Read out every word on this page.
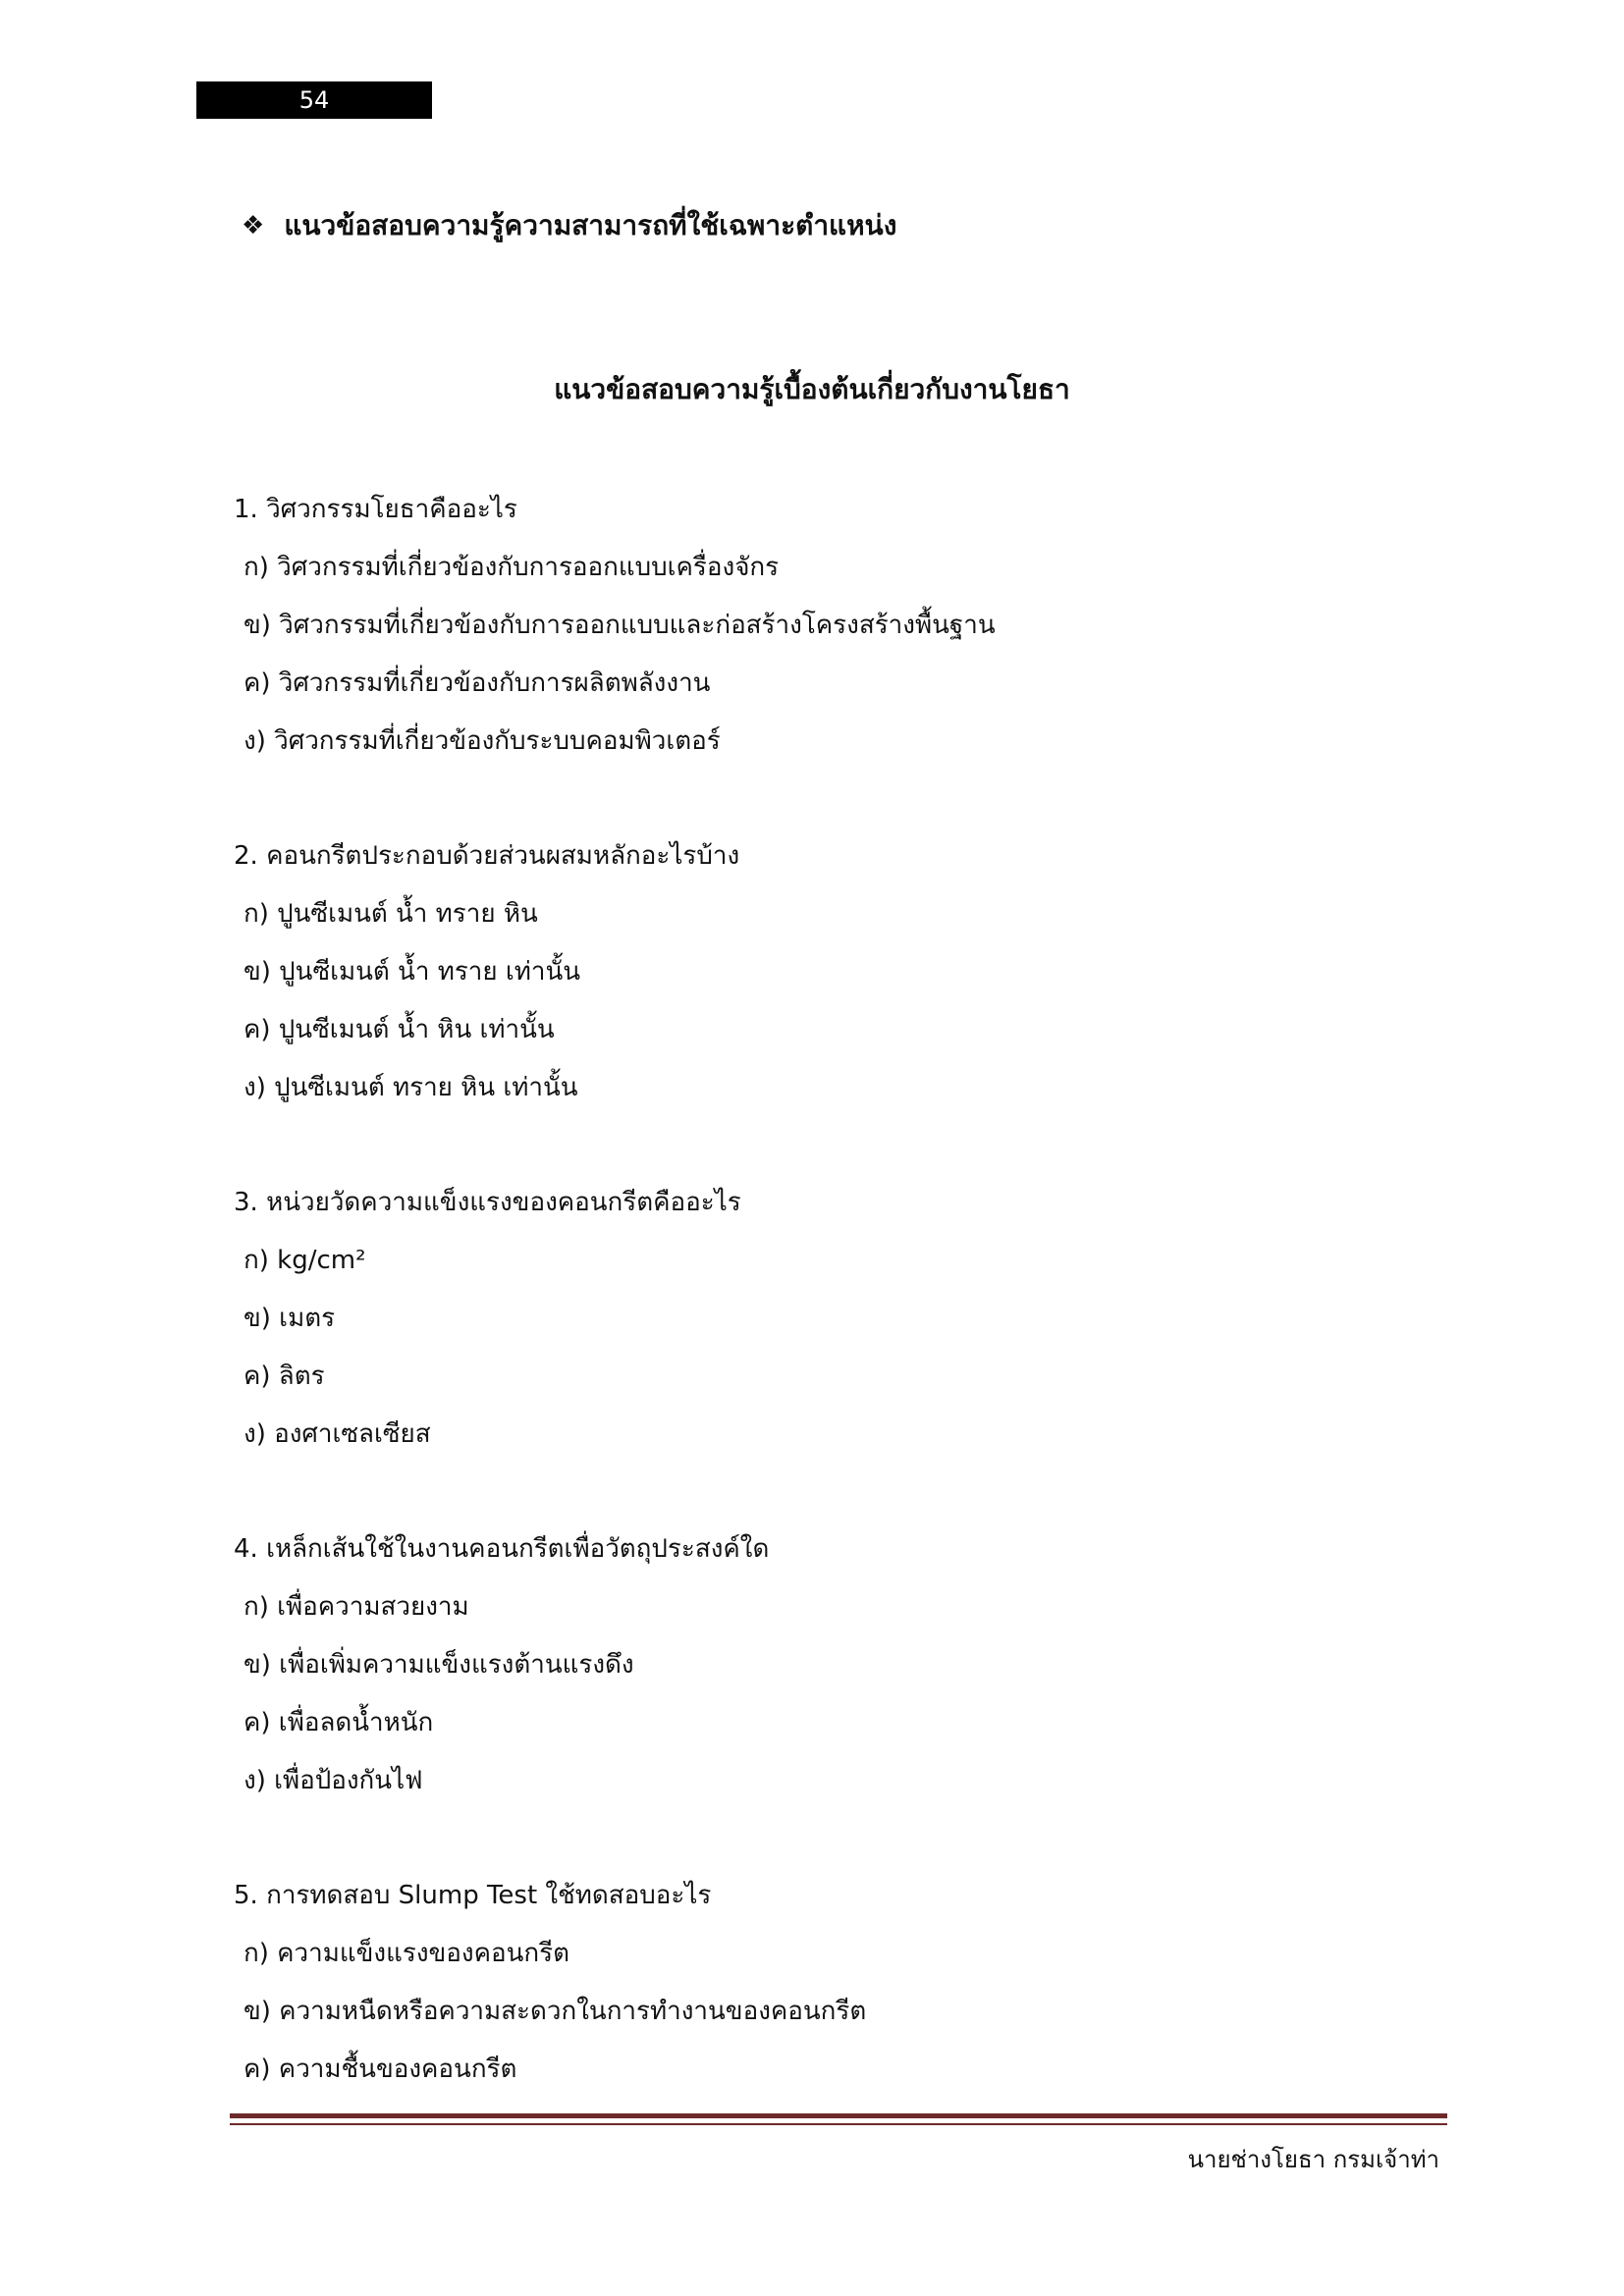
54
❖ แนวข้อสอบความรู้ความสามารถที่ใช้เฉพาะตำแหน่ง
แนวข้อสอบความรู้เบื้องต้นเกี่ยวกับงานโยธา
1. วิศวกรรมโยธาคืออะไร
ก) วิศวกรรมที่เกี่ยวข้องกับการออกแบบเครื่องจักร
ข) วิศวกรรมที่เกี่ยวข้องกับการออกแบบและก่อสร้างโครงสร้างพื้นฐาน
ค) วิศวกรรมที่เกี่ยวข้องกับการผลิตพลังงาน
ง) วิศวกรรมที่เกี่ยวข้องกับระบบคอมพิวเตอร์
2. คอนกรีตประกอบด้วยส่วนผสมหลักอะไรบ้าง
ก) ปูนซีเมนต์ น้ำ ทราย หิน
ข) ปูนซีเมนต์ น้ำ ทราย เท่านั้น
ค) ปูนซีเมนต์ น้ำ หิน เท่านั้น
ง) ปูนซีเมนต์ ทราย หิน เท่านั้น
3. หน่วยวัดความแข็งแรงของคอนกรีตคืออะไร
ก) kg/cm²
ข) เมตร
ค) ลิตร
ง) องศาเซลเซียส
4. เหล็กเส้นใช้ในงานคอนกรีตเพื่อวัตถุประสงค์ใด
ก) เพื่อความสวยงาม
ข) เพื่อเพิ่มความแข็งแรงต้านแรงดึง
ค) เพื่อลดน้ำหนัก
ง) เพื่อป้องกันไฟ
5. การทดสอบ Slump Test ใช้ทดสอบอะไร
ก) ความแข็งแรงของคอนกรีต
ข) ความหนืดหรือความสะดวกในการทำงานของคอนกรีต
ค) ความชื้นของคอนกรีต
นายช่างโยธา กรมเจ้าท่า
